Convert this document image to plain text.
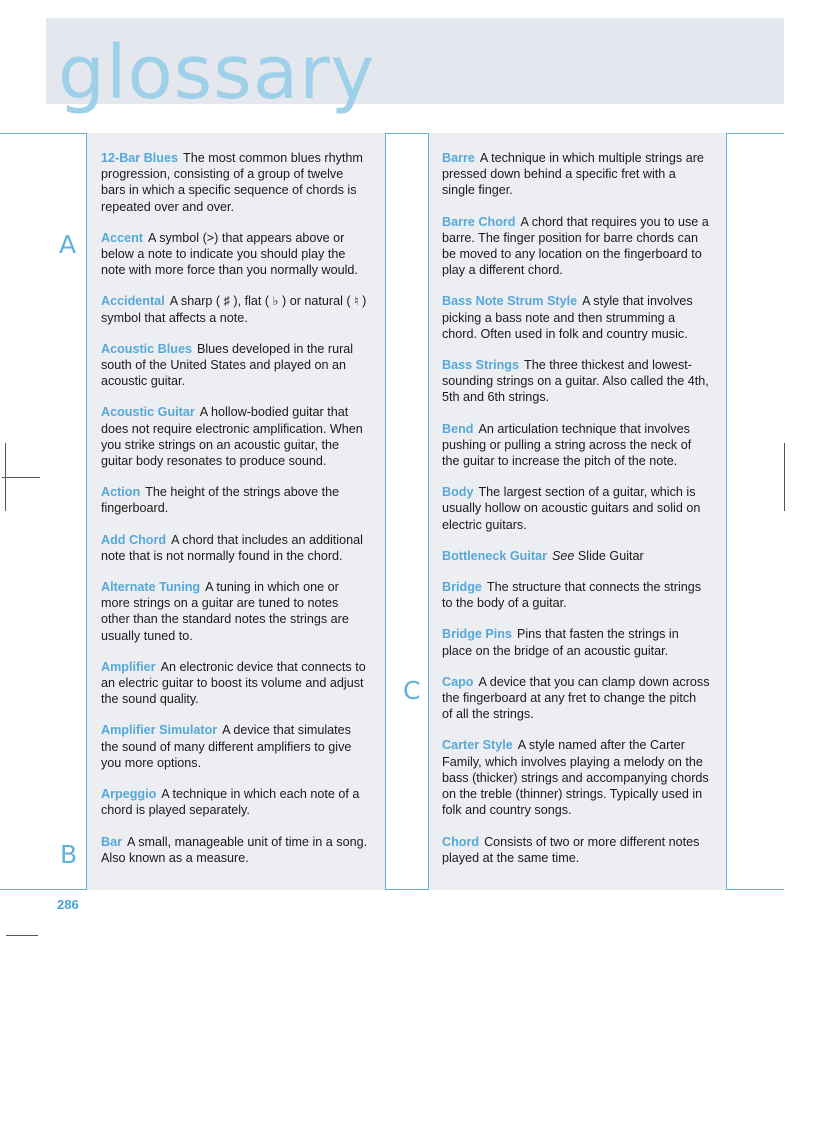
glossary
A
B
C
12-Bar Blues The most common blues rhythm progression, consisting of a group of twelve bars in which a specific sequence of chords is repeated over and over.
Accent A symbol (>) that appears above or below a note to indicate you should play the note with more force than you normally would.
Accidental A sharp ( ♯ ), flat ( ♭ ) or natural ( ♮ ) symbol that affects a note.
Acoustic Blues Blues developed in the rural south of the United States and played on an acoustic guitar.
Acoustic Guitar A hollow-bodied guitar that does not require electronic amplification. When you strike strings on an acoustic guitar, the guitar body resonates to produce sound.
Action The height of the strings above the fingerboard.
Add Chord A chord that includes an additional note that is not normally found in the chord.
Alternate Tuning A tuning in which one or more strings on a guitar are tuned to notes other than the standard notes the strings are usually tuned to.
Amplifier An electronic device that connects to an electric guitar to boost its volume and adjust the sound quality.
Amplifier Simulator A device that simulates the sound of many different amplifiers to give you more options.
Arpeggio A technique in which each note of a chord is played separately.
Bar A small, manageable unit of time in a song. Also known as a measure.
Barre A technique in which multiple strings are pressed down behind a specific fret with a single finger.
Barre Chord A chord that requires you to use a barre. The finger position for barre chords can be moved to any location on the fingerboard to play a different chord.
Bass Note Strum Style A style that involves picking a bass note and then strumming a chord. Often used in folk and country music.
Bass Strings The three thickest and lowest-sounding strings on a guitar. Also called the 4th, 5th and 6th strings.
Bend An articulation technique that involves pushing or pulling a string across the neck of the guitar to increase the pitch of the note.
Body The largest section of a guitar, which is usually hollow on acoustic guitars and solid on electric guitars.
Bottleneck Guitar See Slide Guitar
Bridge The structure that connects the strings to the body of a guitar.
Bridge Pins Pins that fasten the strings in place on the bridge of an acoustic guitar.
Capo A device that you can clamp down across the fingerboard at any fret to change the pitch of all the strings.
Carter Style A style named after the Carter Family, which involves playing a melody on the bass (thicker) strings and accompanying chords on the treble (thinner) strings. Typically used in folk and country songs.
Chord Consists of two or more different notes played at the same time.
286
